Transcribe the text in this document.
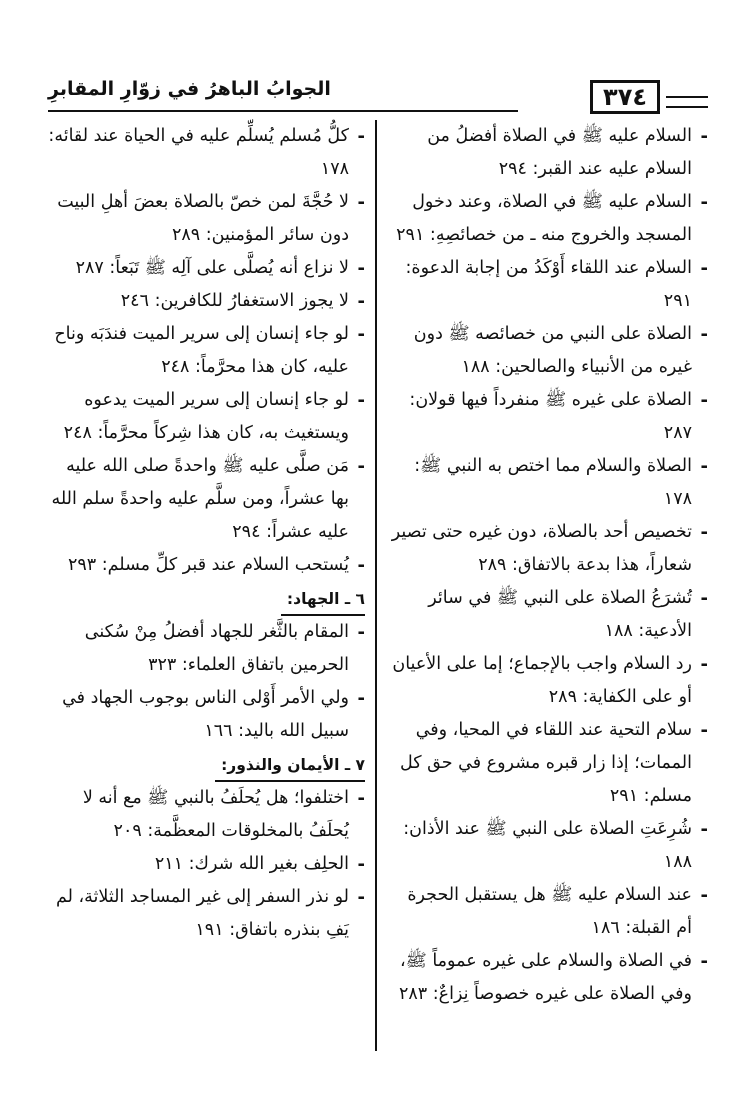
٣٧٤
الجوابُ الباهرُ في زوّارِ المقابرِ
-
السلام عليه ﷺ في الصلاة أفضلُ من السلام عليه عند القبر: ٢٩٤
-
السلام عليه ﷺ في الصلاة، وعند دخول المسجد والخروج منه ـ من خصائصِهِ: ٢٩١
-
السلام عند اللقاء أَوْكَدُ من إجابة الدعوة: ٢٩١
-
الصلاة على النبي من خصائصه ﷺ دون غيره من الأنبياء والصالحين: ١٨٨
-
الصلاة على غيره ﷺ منفرداً فيها قولان: ٢٨٧
-
الصلاة والسلام مما اختص به النبي ﷺ: ١٧٨
-
تخصيص أحد بالصلاة، دون غيره حتى تصير شعاراً، هذا بدعة بالاتفاق: ٢٨٩
-
تُشرَعُ الصلاة على النبي ﷺ في سائر الأدعية: ١٨٨
-
رد السلام واجب بالإجماع؛ إما على الأعيان أو على الكفاية: ٢٨٩
-
سلام التحية عند اللقاء في المحيا، وفي الممات؛ إذا زار قبره مشروع في حق كل مسلم: ٢٩١
-
شُرِعَتِ الصلاة على النبي ﷺ عند الأذان: ١٨٨
-
عند السلام عليه ﷺ هل يستقبل الحجرة أم القبلة: ١٨٦
-
في الصلاة والسلام على غيره عموماً ﷺ، وفي الصلاة على غيره خصوصاً نِزاعٌ: ٢٨٣
-
كلُّ مُسلم يُسلِّم عليه في الحياة عند لقائه: ١٧٨
-
لا حُجَّةَ لمن خصّ بالصلاة بعضَ أهلِ البيت دون سائر المؤمنين: ٢٨٩
-
لا نزاع أنه يُصلَّى على آلِه ﷺ تَبَعاً: ٢٨٧
-
لا يجوز الاستغفارُ للكافرين: ٢٤٦
-
لو جاء إنسان إلى سرير الميت فندَبَه وناح عليه، كان هذا محرَّماً: ٢٤٨
-
لو جاء إنسان إلى سرير الميت يدعوه ويستغيث به، كان هذا شِركاً محرَّماً: ٢٤٨
-
مَن صلَّى عليه ﷺ واحدةً صلى الله عليه بها عشراً، ومن سلَّم عليه واحدةً سلم الله عليه عشراً: ٢٩٤
-
يُستحب السلام عند قبر كلِّ مسلم: ٢٩٣
٦ ـ الجهاد:
-
المقام بالثَّغر للجهاد أفضلُ مِنْ سُكنى الحرمين باتفاق العلماء: ٣٢٣
-
ولي الأمر أَوْلى الناس بوجوب الجهاد في سبيل الله باليد: ١٦٦
٧ ـ الأيمان والنذور:
-
اختلفوا؛ هل يُحلَفُ بالنبي ﷺ مع أنه لا يُحلَفُ بالمخلوقات المعظَّمة: ٢٠٩
-
الحلِف بغير الله شرك: ٢١١
-
لو نذر السفر إلى غير المساجد الثلاثة، لم يَفِ بنذره باتفاق: ١٩١
